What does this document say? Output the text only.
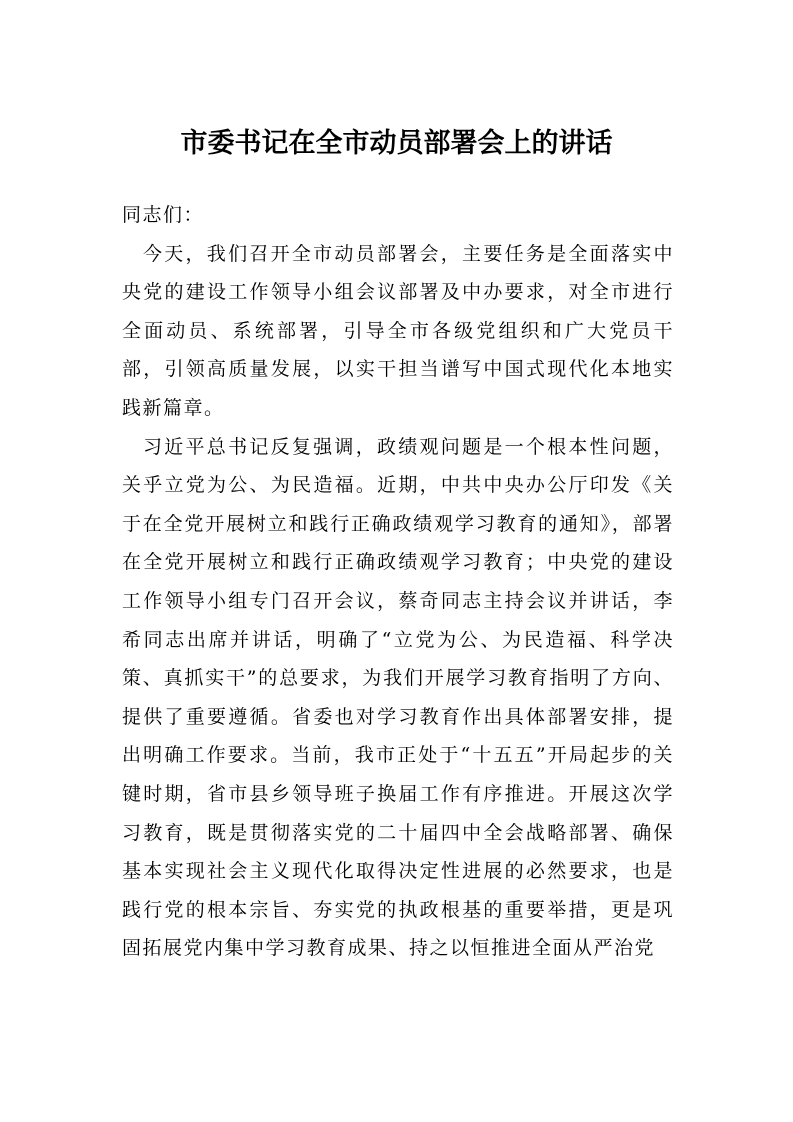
市委书记在全市动员部署会上的讲话

同志们：

今天，我们召开全市动员部署会，主要任务是全面落实中央党的建设工作领导小组会议部署及中办要求，对全市进行全面动员、系统部署，引导全市各级党组织和广大党员干部，引领高质量发展，以实干担当谱写中国式现代化本地实践新篇章。

习近平总书记反复强调，政绩观问题是一个根本性问题，关乎立党为公、为民造福。近期，中共中央办公厅印发《关于在全党开展树立和践行正确政绩观学习教育的通知》，部署在全党开展树立和践行正确政绩观学习教育；中央党的建设工作领导小组专门召开会议，蔡奇同志主持会议并讲话，李希同志出席并讲话，明确了“立党为公、为民造福、科学决策、真抓实干”的总要求，为我们开展学习教育指明了方向、提供了重要遵循。省委也对学习教育作出具体部署安排，提出明确工作要求。当前，我市正处于“十五五”开局起步的关键时期，省市县乡领导班子换届工作有序推进。开展这次学习教育，既是贯彻落实党的二十届四中全会战略部署、确保基本实现社会主义现代化取得决定性进展的必然要求，也是践行党的根本宗旨、夯实党的执政根基的重要举措，更是巩固拓展党内集中学习教育成果、持之以恒推进全面从严治党
